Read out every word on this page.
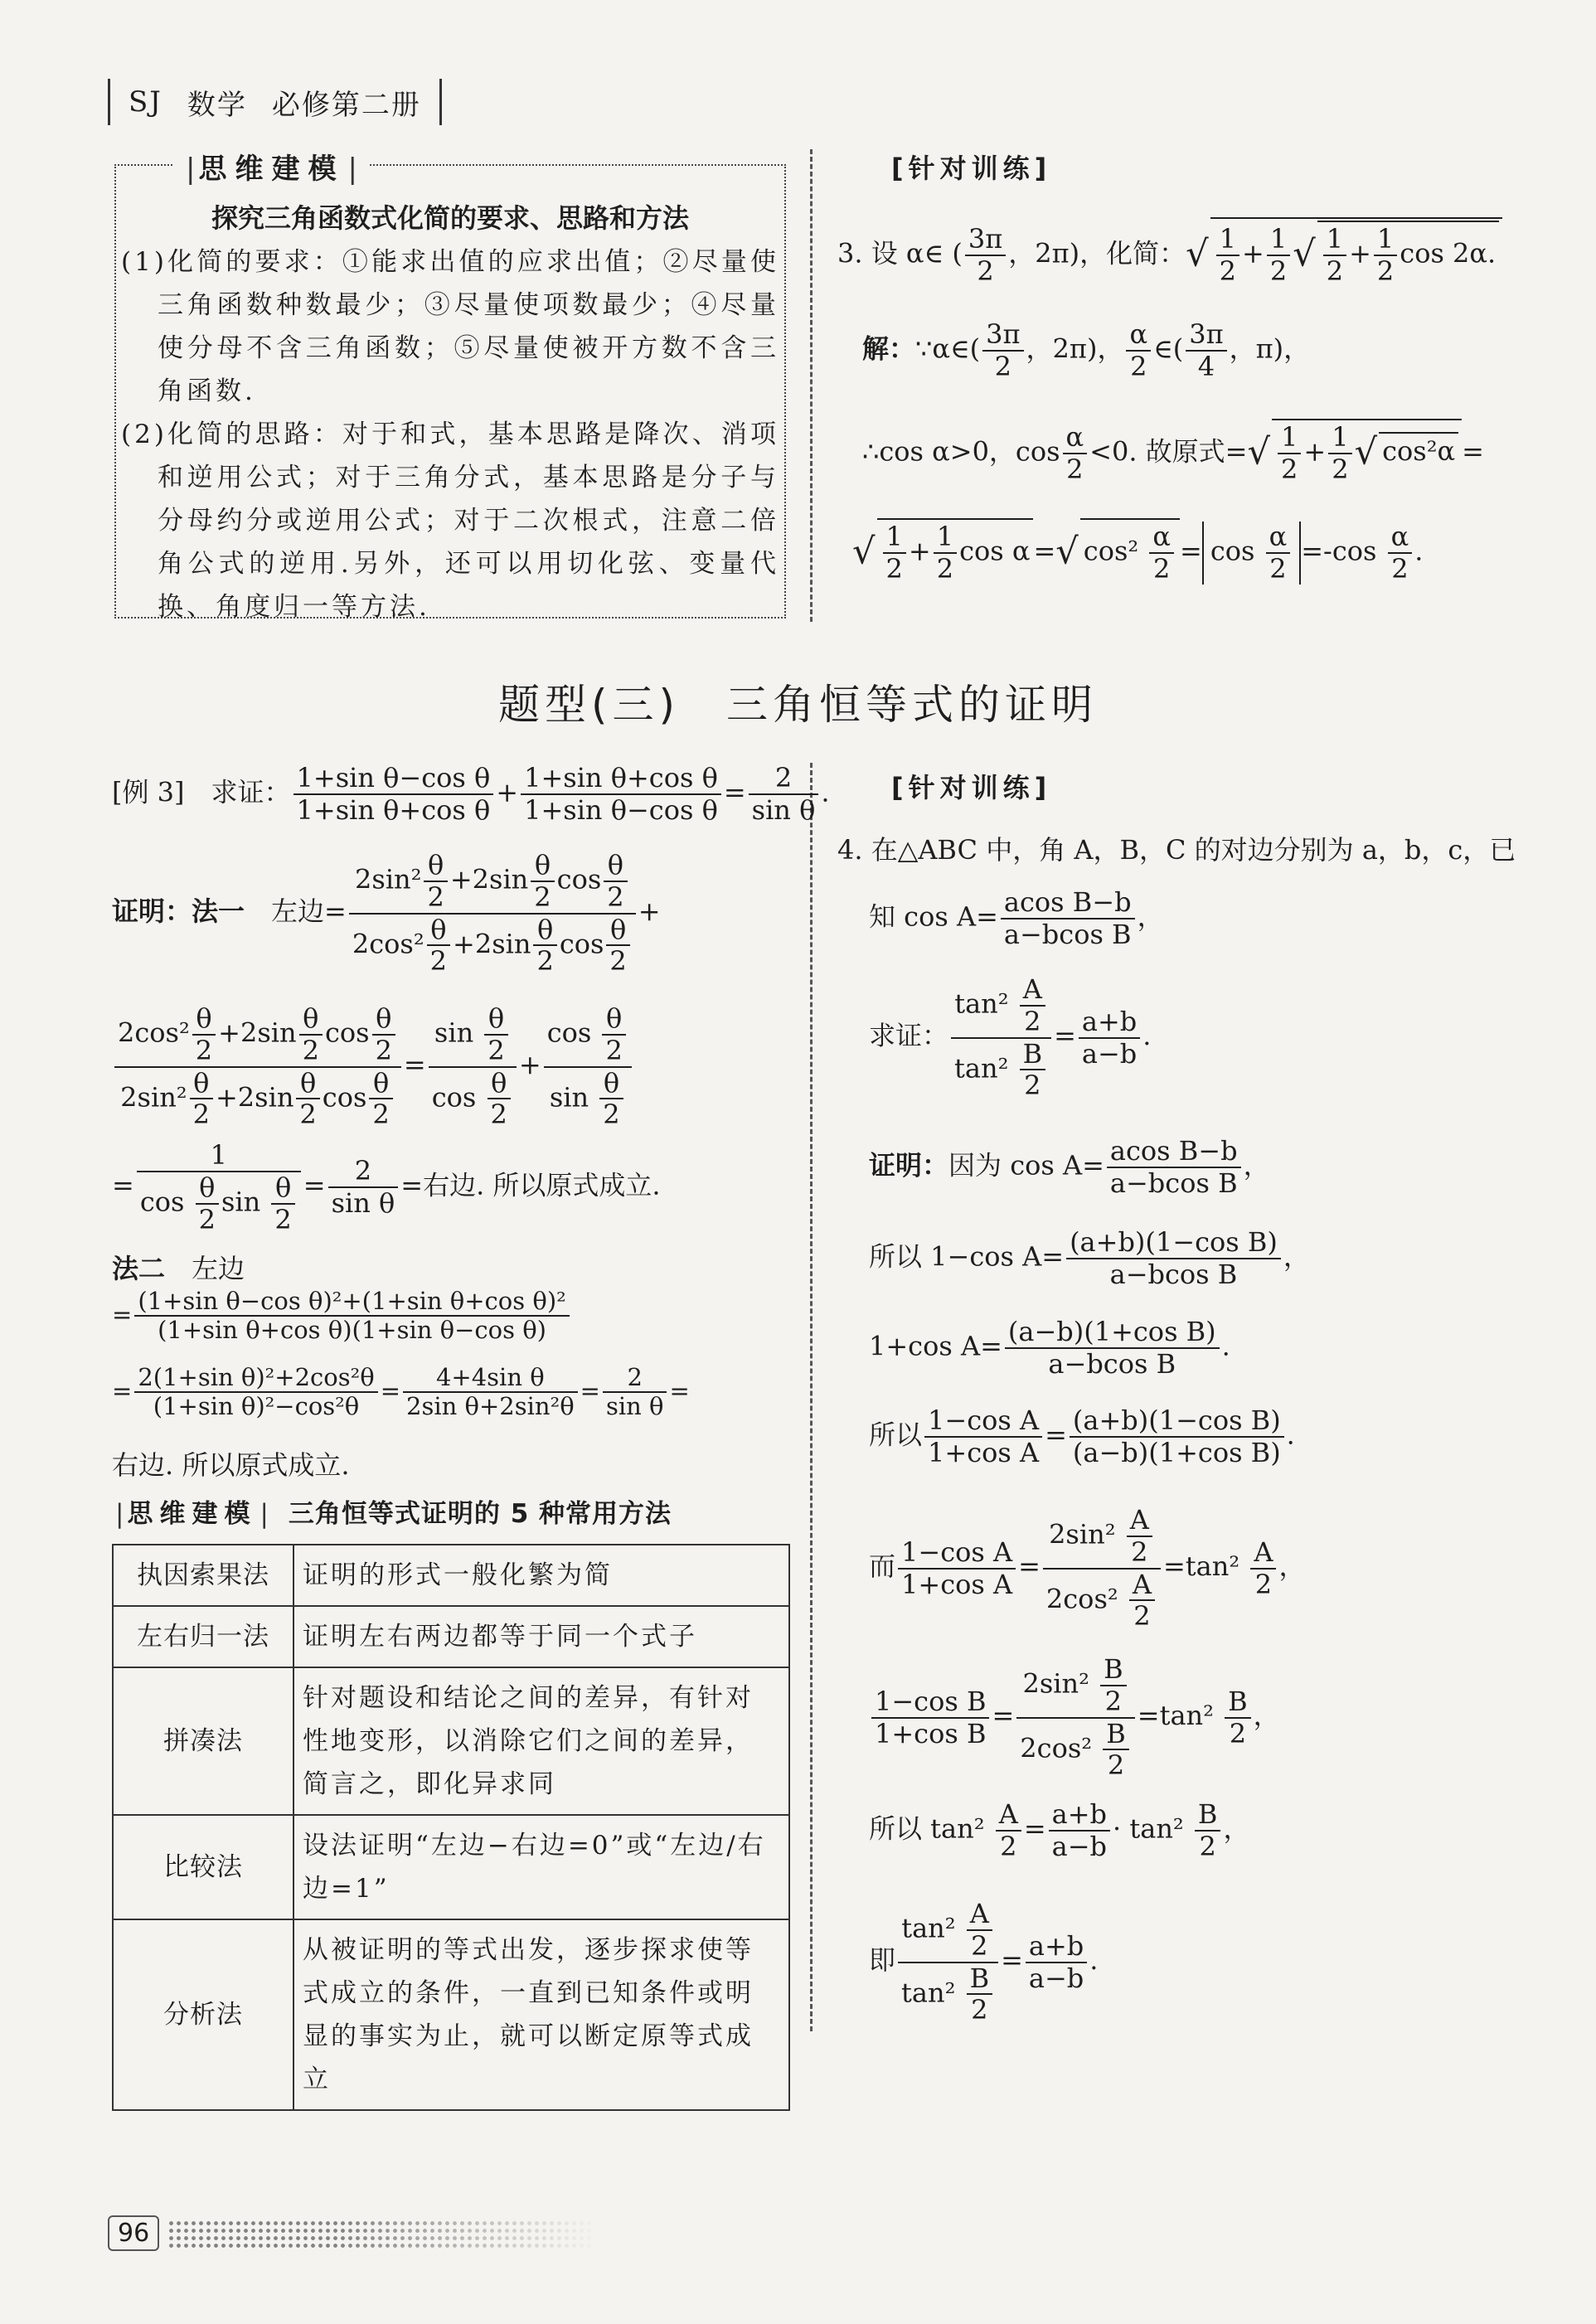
SJ 数学 必修第二册
| 思维建模 |
探究三角函数式化简的要求、思路和方法

(1)化简的要求：①能求出值的应求出值；②尽量使三角函数种数最少；③尽量使项数最少；④尽量使分母不含三角函数；⑤尽量使被开方数不含三角函数.

(2)化简的思路：对于和式，基本思路是降次、消项和逆用公式；对于三角分式，基本思路是分子与分母约分或逆用公式；对于二次根式，注意二倍角公式的逆用.另外，还可以用切化弦、变量代换、角度归一等方法.

[针对训练]
3. 设 α∈ ( $\frac{3\pi}{2}$ ，2π)，化简：√ $\frac{1}{2} + \frac{1}{2}$ √ $\frac{1}{2} + \frac{1}{2}$ cos 2α.
解：∵α∈( $\frac{3\pi}{2}$ ，2π)， $\frac{\alpha}{2}$ ∈( $\frac{3\pi}{4}$ ，π)，
∴cos α>0，$\cos \frac{\alpha}{2} <0$. 故原式=√ $\frac{1}{2} + \frac{1}{2}$ √ cos²α =
√ $\frac{1}{2} + \frac{1}{2}$ cos α =√ $\cos^2 \frac{\alpha}{2} = \cos \frac{\alpha}{2} =-\cos \frac{\alpha}{2}$ .
题型(三)　三角恒等式的证明
[例 3]　 求证： $\frac{\text{1+sin θ−cos θ}}{\text{1+sin θ+cos θ}} + \frac{\text{1+sin θ+cos θ}}{\text{1+sin θ−cos θ}} = \frac{2}{\text{sin θ}}$ .
证明：法一　 左边= $\frac{2\sin^2 \frac{\theta}{2} +2\sin \frac{\theta}{2} \cos \frac{\theta}{2}}{2\cos^2 \frac{\theta}{2} +2\sin \frac{\theta}{2} \cos \frac{\theta}{2}}$ +
$\frac{2\cos^2 \frac{\theta}{2} +2\sin \frac{\theta}{2} \cos \frac{\theta}{2}}{2\sin^2 \frac{\theta}{2} +2\sin \frac{\theta}{2} \cos \frac{\theta}{2}} = \frac{\sin \frac{\theta}{2}}{\cos \frac{\theta}{2}} + \frac{\cos \frac{\theta}{2}}{\sin \frac{\theta}{2}}$
= $\frac{1}{\cos \frac{\theta}{2} \sin \frac{\theta}{2}} = \frac{2}{\text{sin θ}}$ =右边. 所以原式成立.
法二　 左边
= $\frac{\text{(1+sin θ−cos θ)²+(1+sin θ+cos θ)²}}{\text{(1+sin θ+cos θ)(1+sin θ−cos θ)}}$
= $\frac{\text{2(1+sin θ)²+2cos²θ}}{\text{(1+sin θ)²−cos²θ}} = \frac{\text{4+4sin θ}}{\text{2sin θ+2sin²θ}} = \frac{2}{\text{sin θ}}$ =
右边. 所以原式成立.
| 思维建模 | 三角恒等式证明的 5 种常用方法
执因索果法	证明的形式一般化繁为简
左右归一法	证明左右两边都等于同一个式子
拼凑法	针对题设和结论之间的差异，有针对性地变形，以消除它们之间的差异，简言之，即化异求同
比较法	设法证明“左边−右边=0”或“左边/右边=1”
分析法	从被证明的等式出发，逐步探求使等式成立的条件，一直到已知条件或明显的事实为止，就可以断定原等式成立
[针对训练]
4. 在△ABC 中，角 A，B，C 的对边分别为 a，b，c，已
知 $\cos A= \frac{\text{acos B−b}}{\text{a−bcos B}}$ ，
求证： $\frac{\tan^2 \frac{A}{2}}{\tan^2 \frac{B}{2}} = \frac{a+b}{a-b}$ .
证明：因为 $\cos A= \frac{\text{acos B−b}}{\text{a−bcos B}}$ ，
所以 1−cos $A= \frac{\text{(a+b)(1−cos B)}}{\text{a−bcos B}}$ ，
1+cos $A= \frac{\text{(a−b)(1+cos B)}}{\text{a−bcos B}}$ .
所以 $\frac{\text{1−cos A}}{\text{1+cos A}} = \frac{\text{(a+b)(1−cos B)}}{\text{(a−b)(1+cos B)}}$ .
而 $\frac{\text{1−cos A}}{\text{1+cos A}} = \frac{2\sin^2 \frac{A}{2}}{2\cos^2 \frac{A}{2}} =\tan^2 \frac{A}{2}$ ，
$\frac{\text{1−cos B}}{\text{1+cos B}} = \frac{2\sin^2 \frac{B}{2}}{2\cos^2 \frac{B}{2}} =\tan^2 \frac{B}{2}$ ，
所以 $\tan^2 \frac{A}{2} = \frac{a+b}{a-b} \cdot \tan^2 \frac{B}{2}$ ，
即 $\frac{\tan^2 \frac{A}{2}}{\tan^2 \frac{B}{2}} = \frac{a+b}{a-b}$ .
96
